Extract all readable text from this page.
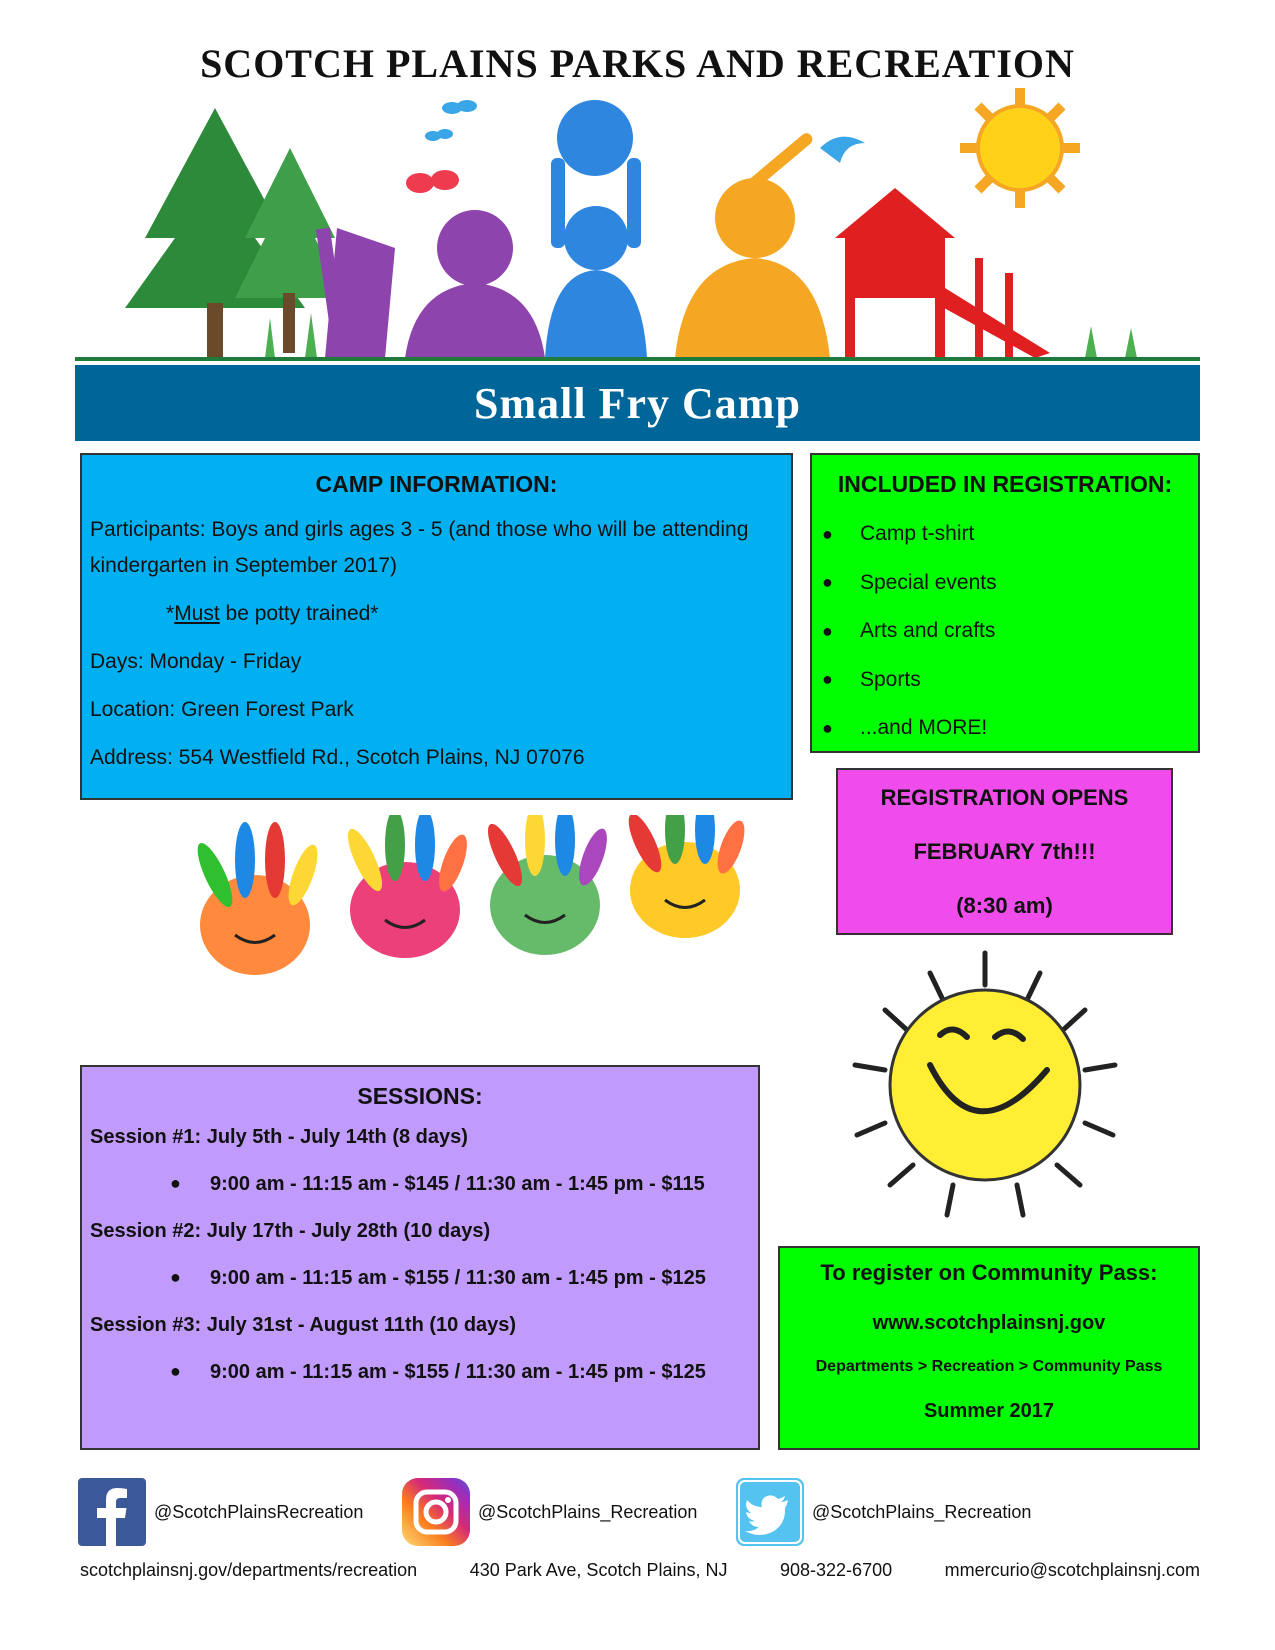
SCOTCH PLAINS PARKS AND RECREATION
Small Fry Camp
CAMP INFORMATION:
Participants: Boys and girls ages 3 - 5 (and those who will be attending kindergarten in September 2017)
*Must be potty trained*
Days: Monday - Friday
Location: Green Forest Park
Address: 554 Westfield Rd., Scotch Plains, NJ 07076
INCLUDED IN REGISTRATION:
●	Camp t-shirt
●	Special events
●	Arts and crafts
●	Sports
●	...and MORE!
REGISTRATION OPENS
FEBRUARY 7th!!!
(8:30 am)
SESSIONS:
Session #1: July 5th - July 14th (8 days)
●	9:00 am - 11:15 am - $145 / 11:30 am - 1:45 pm - $115
Session #2: July 17th - July 28th (10 days)
●	9:00 am - 11:15 am - $155 / 11:30 am - 1:45 pm - $125
Session #3: July 31st - August 11th (10 days)
●	9:00 am - 11:15 am - $155 / 11:30 am - 1:45 pm - $125
To register on Community Pass:
www.scotchplainsnj.gov
Departments > Recreation > Community Pass
Summer 2017
@ScotchPlainsRecreation	@ScotchPlains_Recreation	@ScotchPlains_Recreation
scotchplainsnj.gov/departments/recreation	430 Park Ave, Scotch Plains, NJ	908-322-6700	mmercurio@scotchplainsnj.com
